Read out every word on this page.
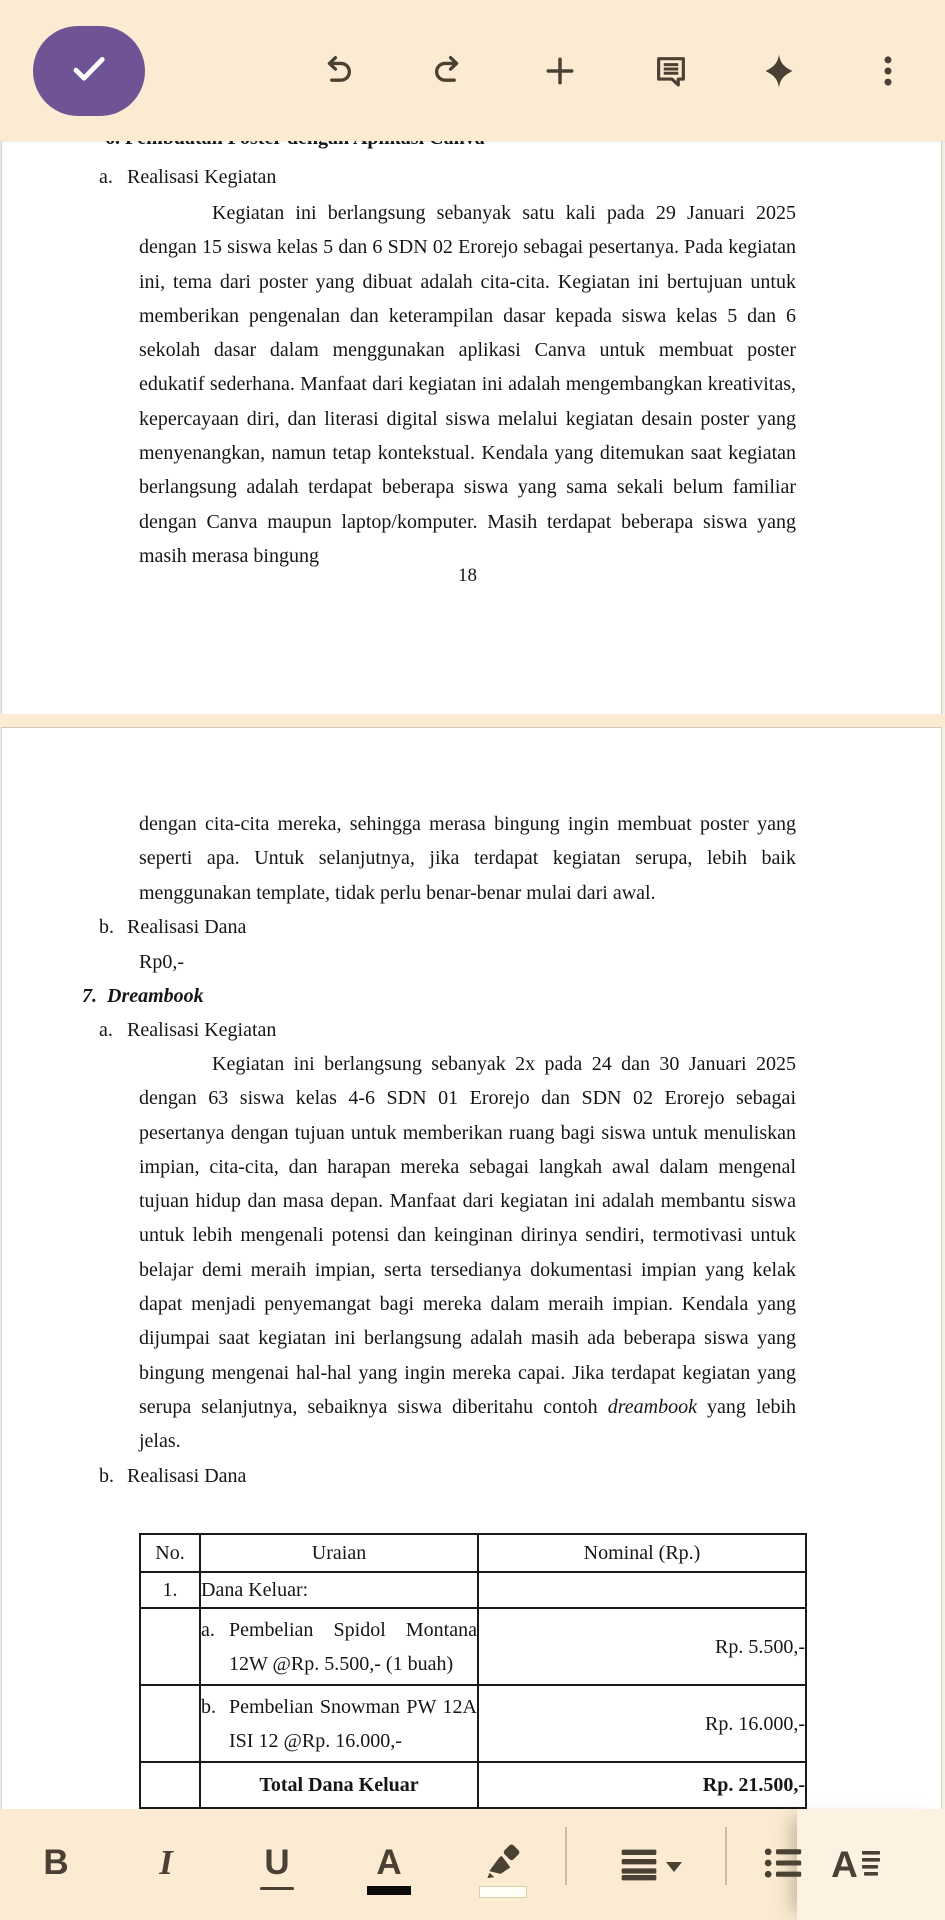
a. Realisasi Kegiatan
Kegiatan ini berlangsung sebanyak satu kali pada 29 Januari 2025 dengan 15 siswa kelas 5 dan 6 SDN 02 Erorejo sebagai pesertanya. Pada kegiatan ini, tema dari poster yang dibuat adalah cita-cita. Kegiatan ini bertujuan untuk memberikan pengenalan dan keterampilan dasar kepada siswa kelas 5 dan 6 sekolah dasar dalam menggunakan aplikasi Canva untuk membuat poster edukatif sederhana. Manfaat dari kegiatan ini adalah mengembangkan kreativitas, kepercayaan diri, dan literasi digital siswa melalui kegiatan desain poster yang menyenangkan, namun tetap kontekstual. Kendala yang ditemukan saat kegiatan berlangsung adalah terdapat beberapa siswa yang sama sekali belum familiar dengan Canva maupun laptop/komputer. Masih terdapat beberapa siswa yang masih merasa bingung
18
dengan cita-cita mereka, sehingga merasa bingung ingin membuat poster yang seperti apa. Untuk selanjutnya, jika terdapat kegiatan serupa, lebih baik menggunakan template, tidak perlu benar-benar mulai dari awal.
b. Realisasi Dana
Rp0,-
7. Dreambook
a. Realisasi Kegiatan
Kegiatan ini berlangsung sebanyak 2x pada 24 dan 30 Januari 2025 dengan 63 siswa kelas 4-6 SDN 01 Erorejo dan SDN 02 Erorejo sebagai pesertanya dengan tujuan untuk memberikan ruang bagi siswa untuk menuliskan impian, cita-cita, dan harapan mereka sebagai langkah awal dalam mengenal tujuan hidup dan masa depan. Manfaat dari kegiatan ini adalah membantu siswa untuk lebih mengenali potensi dan keinginan dirinya sendiri, termotivasi untuk belajar demi meraih impian, serta tersedianya dokumentasi impian yang kelak dapat menjadi penyemangat bagi mereka dalam meraih impian. Kendala yang dijumpai saat kegiatan ini berlangsung adalah masih ada beberapa siswa yang bingung mengenai hal-hal yang ingin mereka capai. Jika terdapat kegiatan yang serupa selanjutnya, sebaiknya siswa diberitahu contoh dreambook yang lebih jelas.
b. Realisasi Dana
No.	Uraian	Nominal (Rp.)
1.	Dana Keluar:	

	a. Pembelian Spidol Montana 12W @Rp. 5.500,- (1 buah)	Rp. 5.500,-

	b. Pembelian Snowman PW 12A ISI 12 @Rp. 16.000,-	Rp. 16.000,-
	Total Dana Keluar	Rp. 21.500,-
B	I	U A	A
